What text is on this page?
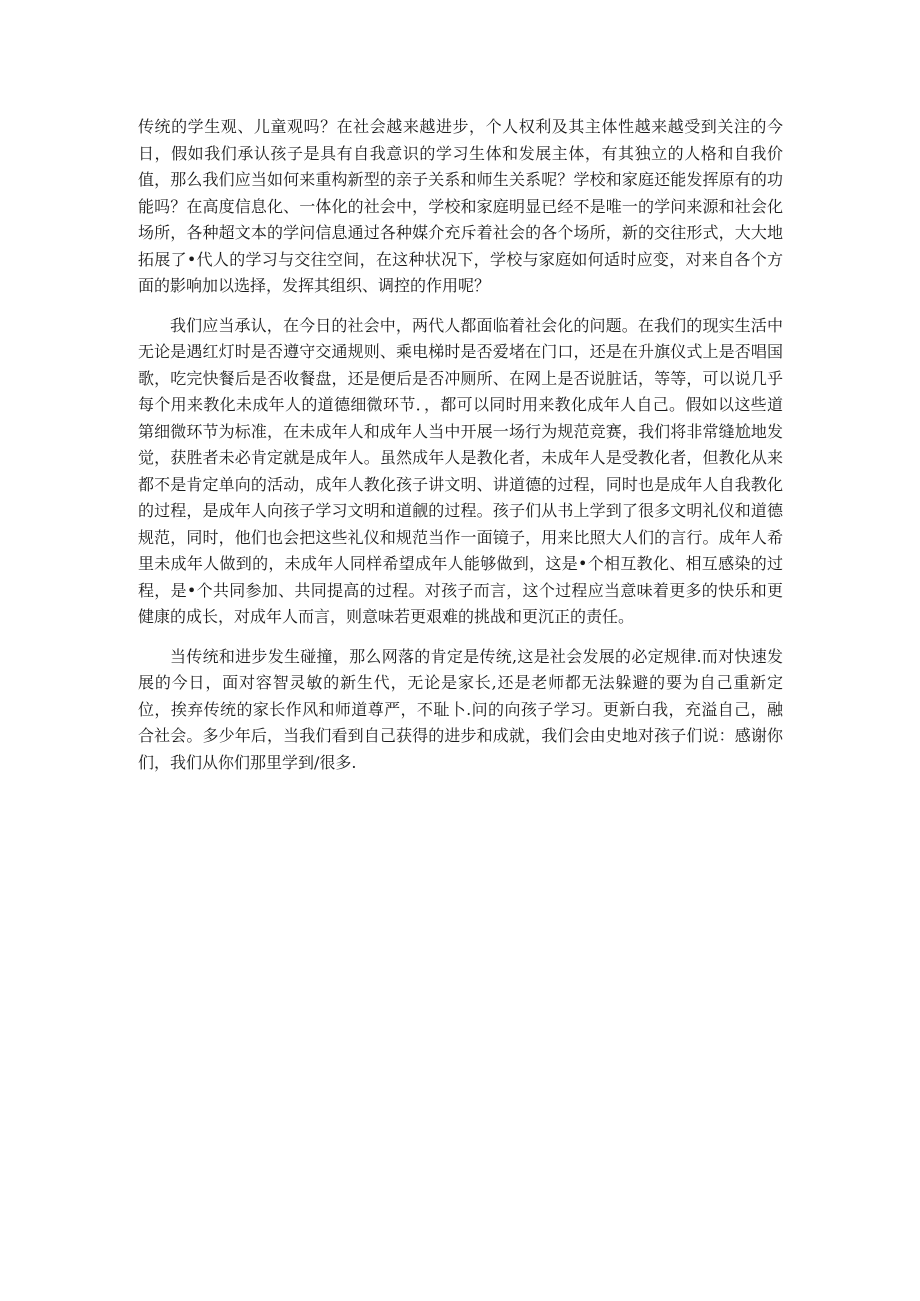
传统的学生观、儿童观吗？在社会越来越进步，个人权利及其主体性越来越受到关注的今日，假如我们承认孩子是具有自我意识的学习生体和发展主体，有其独立的人格和自我价值，那么我们应当如何来重构新型的亲子关系和师生关系呢？学校和家庭还能发挥原有的功能吗？在高度信息化、一体化的社会中，学校和家庭明显已经不是唯一的学问来源和社会化场所，各种超文本的学问信息通过各种媒介充斥着社会的各个场所，新的交往形式，大大地拓展了•代人的学习与交往空间，在这种状况下，学校与家庭如何适时应变，对来自各个方面的影响加以选择，发挥其组织、调控的作用呢？

我们应当承认，在今日的社会中，两代人都面临着社会化的问题。在我们的现实生活中无论是遇红灯时是否遵守交通规则、乘电梯时是否爱堵在门口，还是在升旗仪式上是否唱国歌，吃完快餐后是否收餐盘，还是便后是否冲厕所、在网上是否说脏话，等等，可以说几乎每个用来教化未成年人的道德细微环节．，都可以同时用来教化成年人自己。假如以这些道第细微环节为标准，在未成年人和成年人当中开展一场行为规范竞赛，我们将非常缝尬地发觉，获胜者未必肯定就是成年人。虽然成年人是教化者，未成年人是受教化者，但教化从来都不是肯定单向的活动，成年人教化孩子讲文明、讲道德的过程，同时也是成年人自我教化的过程，是成年人向孩子学习文明和道觎的过程。孩子们从书上学到了很多文明礼仪和道德规范，同时，他们也会把这些礼仪和规范当作一面镜子，用来比照大人们的言行。成年人希里未成年人做到的，未成年人同样希望成年人能够做到，这是•个相互教化、相互感染的过程，是•个共同参加、共同提高的过程。对孩子而言，这个过程应当意味着更多的快乐和更健康的成长，对成年人而言，则意味若更艰难的挑战和更沉正的责任。

当传统和进步发生碰撞，那么网落的肯定是传统,这是社会发展的必定规律.而对快速发展的今日，面对容智灵敏的新生代，无论是家长,还是老师都无法躲避的要为自己重新定位，挨弃传统的家长作风和师道尊严，不耻卜.问的向孩子学习。更新白我，充溢自己，融合社会。多少年后，当我们看到自己获得的进步和成就，我们会由史地对孩子们说：感谢你们，我们从你们那里学到/很多.
